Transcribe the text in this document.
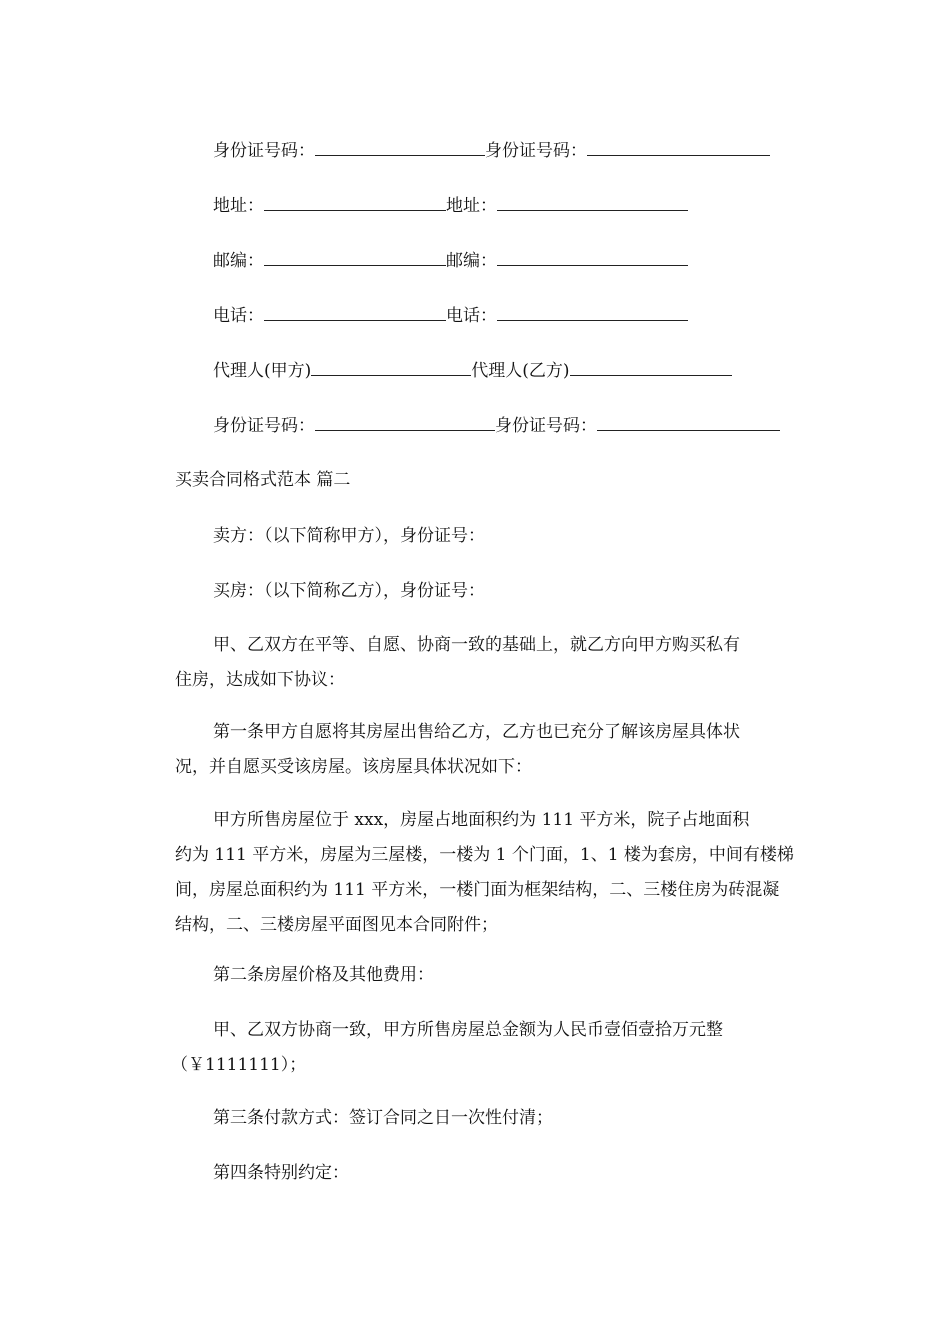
身份证号码：	身份证号码：
地址：	地址：
邮编：	邮编：
电话：	电话：
代理人(甲方)	代理人(乙方)
身份证号码：	身份证号码：
买卖合同格式范本 篇二
卖方：（以下简称甲方），身份证号：
买房：（以下简称乙方），身份证号：
甲、乙双方在平等、自愿、协商一致的基础上，就乙方向甲方购买私有
住房，达成如下协议：
第一条甲方自愿将其房屋出售给乙方，乙方也已充分了解该房屋具体状
况，并自愿买受该房屋。该房屋具体状况如下：
甲方所售房屋位于 xxx，房屋占地面积约为 111 平方米，院子占地面积
约为 111 平方米，房屋为三屋楼，一楼为 1 个门面，1、1 楼为套房，中间有楼梯
间，房屋总面积约为 111 平方米，一楼门面为框架结构，二、三楼住房为砖混凝
结构，二、三楼房屋平面图见本合同附件；
第二条房屋价格及其他费用：
甲、乙双方协商一致，甲方所售房屋总金额为人民币壹佰壹拾万元整
（￥1111111）；
第三条付款方式：签订合同之日一次性付清；
第四条特别约定：
